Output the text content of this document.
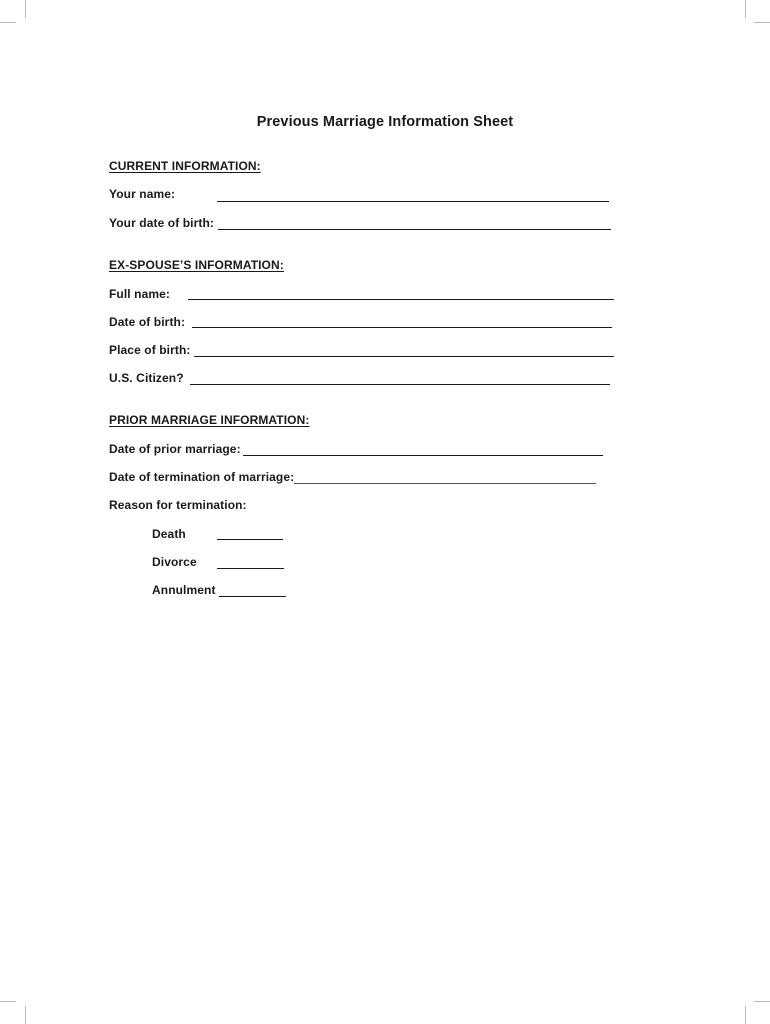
Previous Marriage Information Sheet
CURRENT INFORMATION:
Your name:
Your date of birth:
EX-SPOUSE’S INFORMATION:
Full name:
Date of birth:
Place of birth:
U.S. Citizen?
PRIOR MARRIAGE INFORMATION:
Date of prior marriage:
Date of termination of marriage:
Reason for termination:
Death
Divorce
Annulment
